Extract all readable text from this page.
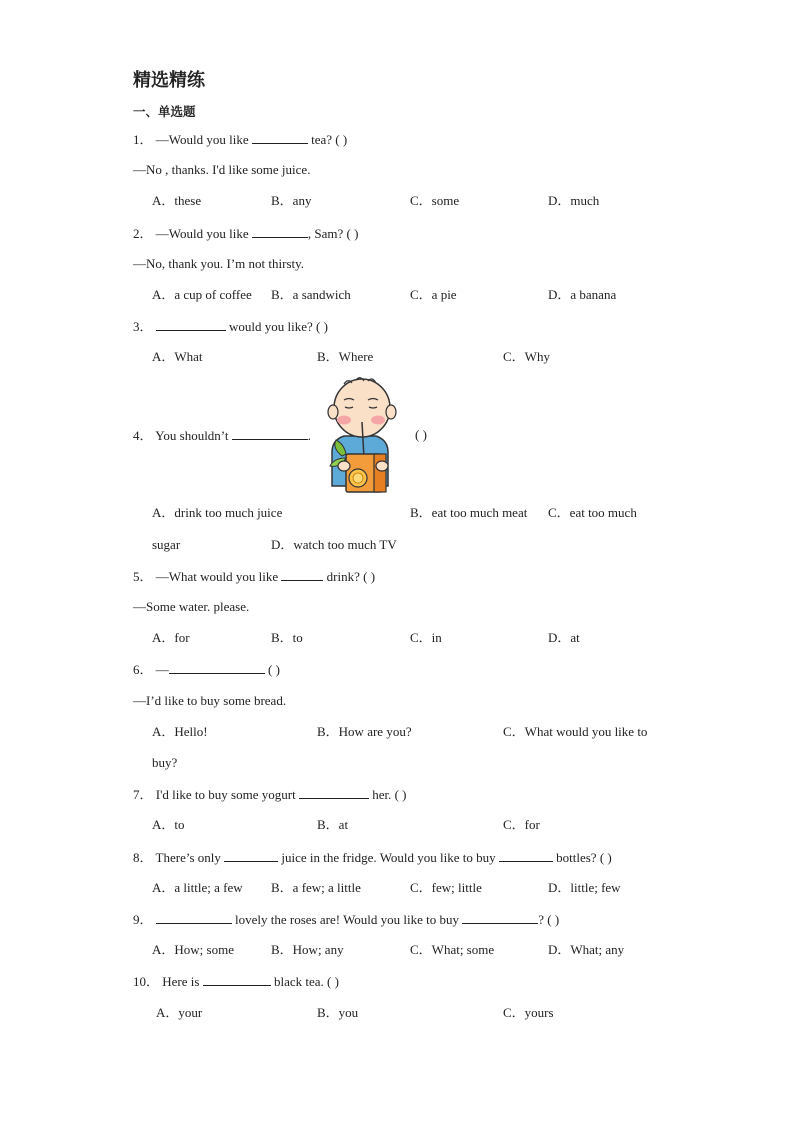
精选精练
一、单选题
1． —Would you like	tea? ( )
—No , thanks. I'd like some juice.
A．these	B．any	C．some	D．much
2． —Would you like	, Sam? ( )
—No, thank you. I’m not thirsty.
A．a cup of coffee B．a sandwich	C．a pie	D．a banana
3．	would you like? ( )
A．What	B．Where	C．Why
4． You shouldn’t	.	( )
A．drink too much juice	B．eat too much meat C．eat too much
sugar	D．watch too much TV
5． —What would you like	drink? ( )
—Some water. please.
A．for	B．to	C．in	D．at
6． —	( )
—I’d like to buy some bread.
A．Hello!	B．How are you?	C．What would you like to
buy?
7． I'd like to buy some yogurt	her. ( )
A．to	B．at	C．for
8． There’s only	juice in the fridge. Would you like to buy	bottles? ( )
A．a little; a few B．a few; a little	C．few; little	D．little; few
9．	lovely the roses are! Would you like to buy	? ( )
A．How; some	B．How; any	C．What; some	D．What; any
10． Here is	black tea. ( )
A．your	B．you	C．yours
